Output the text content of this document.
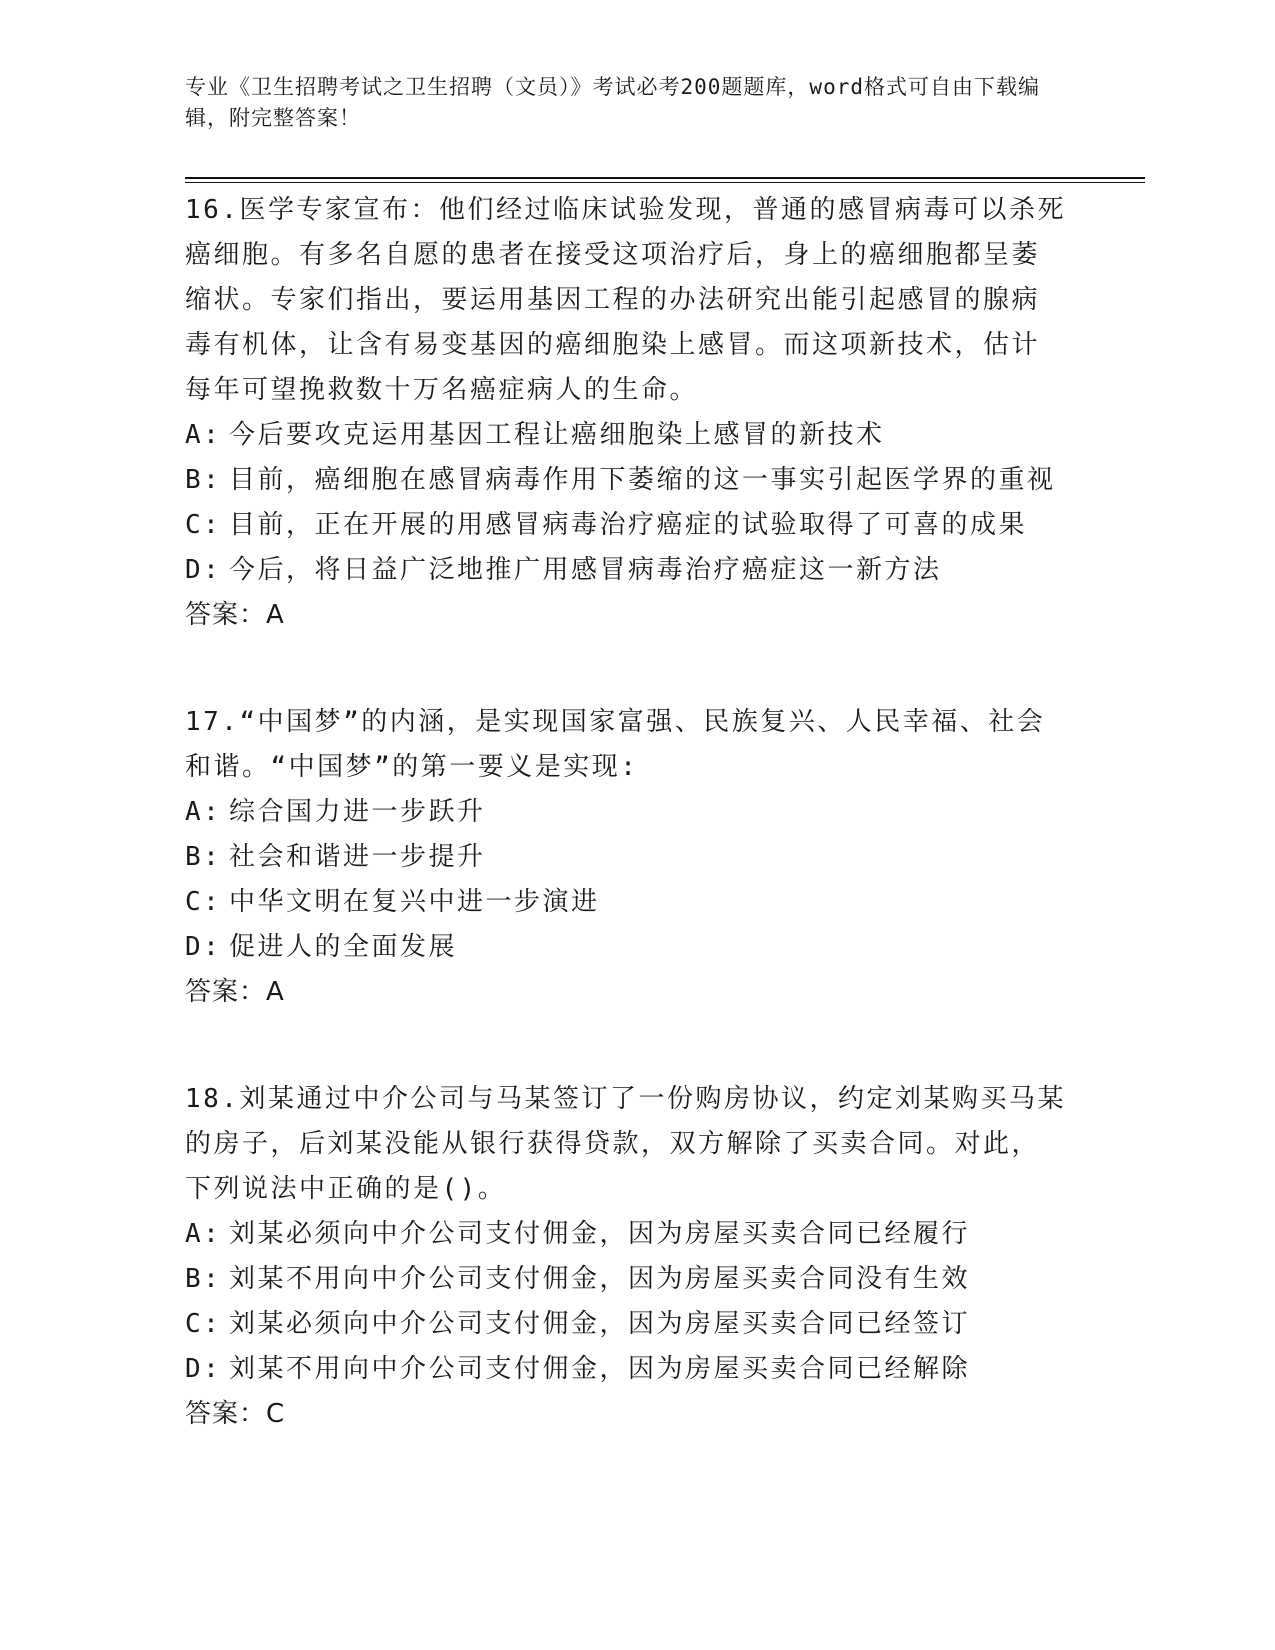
专业《卫生招聘考试之卫生招聘（文员）》考试必考200题题库，word格式可自由下载编辑，附完整答案！
16.医学专家宣布：他们经过临床试验发现，普通的感冒病毒可以杀死
癌细胞。有多名自愿的患者在接受这项治疗后，身上的癌细胞都呈萎
缩状。专家们指出，要运用基因工程的办法研究出能引起感冒的腺病
毒有机体，让含有易变基因的癌细胞染上感冒。而这项新技术，估计
每年可望挽救数十万名癌症病人的生命。
A: 今后要攻克运用基因工程让癌细胞染上感冒的新技术
B: 目前，癌细胞在感冒病毒作用下萎缩的这一事实引起医学界的重视
C: 目前，正在开展的用感冒病毒治疗癌症的试验取得了可喜的成果
D: 今后，将日益广泛地推广用感冒病毒治疗癌症这一新方法
答案：A
17.“中国梦”的内涵，是实现国家富强、民族复兴、人民幸福、社会
和谐。“中国梦”的第一要义是实现:
A: 综合国力进一步跃升
B: 社会和谐进一步提升
C: 中华文明在复兴中进一步演进
D: 促进人的全面发展
答案：A
18.刘某通过中介公司与马某签订了一份购房协议，约定刘某购买马某
的房子，后刘某没能从银行获得贷款，双方解除了买卖合同。对此，
下列说法中正确的是()。
A: 刘某必须向中介公司支付佣金，因为房屋买卖合同已经履行
B: 刘某不用向中介公司支付佣金，因为房屋买卖合同没有生效
C: 刘某必须向中介公司支付佣金，因为房屋买卖合同已经签订
D: 刘某不用向中介公司支付佣金，因为房屋买卖合同已经解除
答案：C
